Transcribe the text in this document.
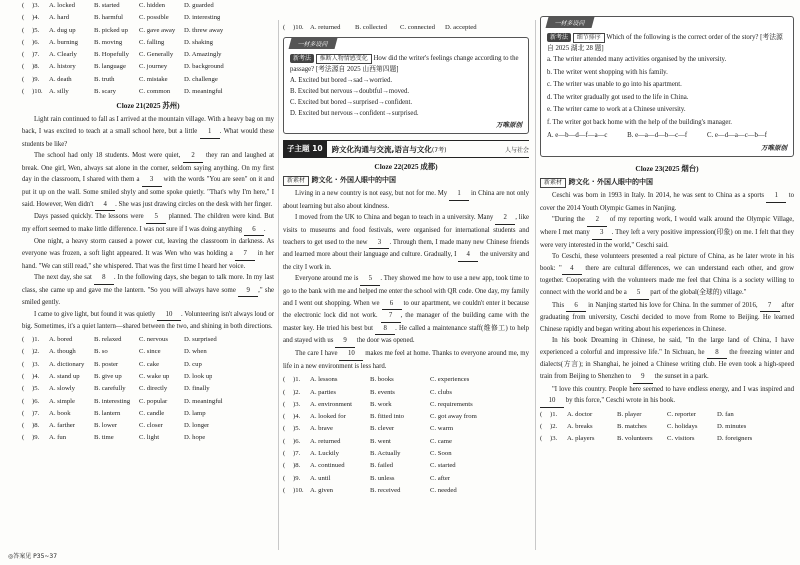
(	)3.	A. locked	B. started	C. hidden	D. guarded
(	)4.	A. hard	B. harmful	C. possible	D. interesting
(	)5.	A. dug up	B. picked up	C. gave away	D. threw away
(	)6.	A. burning	B. moving	C. falling	D. shaking
(	)7.	A. Clearly	B. Hopefully	C. Generally	D. Amazingly
(	)8.	A. history	B. language	C. journey	D. background
(	)9.	A. death	B. truth	C. mistake	D. challenge
(	)10. A. silly	B. scary	C. common	D. meaningful
Cloze 21(2025 苏州)

Light rain continued to fall as I arrived at the mountain village. With a heavy bag on my back, I was excited to teach at a small school here, but a little 1 . What would these students be like?

The school had only 18 students. Most were quiet, 2 they ran and laughed at break. One girl, Wen, always sat alone in the corner, seldom saying anything. On my first day in the classroom, I shared with them a 3 with the words "You are seen" on it and put it up on the wall. Some smiled shyly and some spoke quietly. "That's why I'm here," I said. However, Wen didn't 4 . She was just drawing circles on the desk with her finger.

Days passed quickly. The lessons were 5 planned. The children were kind. But my effort seemed to make little difference. I was not sure if I was doing anything 6 .

One night, a heavy storm caused a power cut, leaving the classroom in darkness. As everyone was frozen, a soft light appeared. It was Wen who was holding a 7 in her hand. "We can still read," she whispered. That was the first time I heard her voice.

The next day, she sat 8 . In the following days, she began to talk more. In my last class, she came up and gave me the lantern. "So you will always have some 9 ," she smiled gently.

I came to give light, but found it was quietly 10 . Volunteering isn't always loud or big. Sometimes, it's a quiet lantern—shared between the two, and shining in both directions.

(	)1.	A. bored	B. relaxed	C. nervous	D. surprised
(	)2.	A. though	B. so	C. since	D. when
(	)3.	A. dictionary	B. poster	C. cake	D. cup
(	)4.	A. stand up	B. give up	C. wake up	D. look up
(	)5.	A. slowly	B. carefully	C. directly	D. finally
(	)6.	A. simple	B. interesting	C. popular	D. meaningful
(	)7.	A. book	B. lantern	C. candle	D. lamp
(	)8.	A. farther	B. lower	C. closer	D. longer
(	)9.	A. fun	B. time	C. light	D. hope
(	)10. A. returned	B. collected	C. connected	D. accepted
一材多设问
新考法 推断人物情感变化 How did the writer's feelings change according to the passage? [考法源自 2025 山西第四题]
A. Excited but bored→sad→worried.
B. Excited but nervous→doubtful→moved.
C. Excited but bored→surprised→confident.
D. Excited but nervous→confident→surprised.
万唯原创
子主题 10	跨文化沟通与交流,语言与文化(7考)	人与社会
Cloze 22(2025 成都)
新素材 跨文化 · 外国人眼中的中国

Living in a new country is not easy, but not for me. My 1 in China are not only about learning but also about kindness.

I moved from the UK to China and began to teach in a university. Many 2 , like visits to museums and food festivals, were organised for international students and teachers to get used to the new 3 . Through them, I made many new Chinese friends and learned more about their language and culture. Gradually, I 4 the university and the city I work in.

Everyone around me is 5 . They showed me how to use a new app, took time to go to the bank with me and helped me enter the school with QR code. One day, my family and I went out shopping. When we 6 to our apartment, we couldn't enter it because the electronic lock did not work. 7 , the manager of the building came with the master key. He tried his best but 8 . He called a maintenance staff(维修工) to help and stayed with us 9 the door was opened.

The care I have 10 makes me feel at home. Thanks to everyone around me, my life in a new environment is less hard.

(	)1.	A. lessons	B. books	C. experiences
(	)2.	A. parties	B. events	C. clubs
(	)3.	A. environment	B. work	C. requirements
(	)4.	A. looked for	B. fitted into	C. got away from
(	)5.	A. brave	B. clever	C. warm
(	)6.	A. returned	B. went	C. came
(	)7.	A. Luckily	B. Actually	C. Soon
(	)8.	A. continued	B. failed	C. started
(	)9.	A. until	B. unless	C. after
(	)10. A. given	B. received	C. needed
一材多设问
新考法 细节排序 Which of the following is the correct order of the story? [考法源自 2025 湖北 28 题]
a. The writer attended many activities organised by the university.
b. The writer went shopping with his family.
c. The writer was unable to go into his apartment.
d. The writer gradually got used to the life in China.
e. The writer came to work at a Chinese university.
f. The writer got back home with the help of the building's manager.
A. e—b—d—f—a—c	B. e—a—d—b—c—f	C. e—d—a—c—b—f
万唯原创
Cloze 23(2025 烟台)
新素材 跨文化 · 外国人眼中的中国

Ceschi was born in 1993 in Italy. In 2014, he was sent to China as a sports 1 to cover the 2014 Youth Olympic Games in Nanjing.

"During the 2 of my reporting work, I would walk around the Olympic Village, where I met many 3 . They left a very positive impression(印象) on me. I felt that they were very interested in the world," Ceschi said.

To Ceschi, these volunteers presented a real picture of China, as he later wrote in his book: " 4 there are cultural differences, we can understand each other, and grow together. Cooperating with the volunteers made me feel that China is a society willing to connect with the world and be a 5 part of the global(全球的) village."

This 6 in Nanjing started his love for China. In the summer of 2016, 7 after graduating from university, Ceschi decided to move from Rome to Beijing. He learned Chinese rapidly and began writing about his experiences in Chinese.

In his book Dreaming in Chinese, he said, "In the large land of China, I have experienced a colorful and impressive life." In Sichuan, he 8 the freezing winter and dialects(方言); in Shanghai, he joined a Chinese writing club. He even took a high-speed train from Beijing to Shenzhen to 9 the sunset in a park.

"I love this country. People here seemed to have endless energy, and I was inspired and 10 by this force," Ceschi wrote in his book.

(	)1.	A. doctor	B. player	C. reporter	D. fan
(	)2.	A. breaks	B. matches	C. holidays	D. minutes
(	)3.	A. players	B. volunteers	C. visitors	D. foreigners
◎答案见 P35~37
